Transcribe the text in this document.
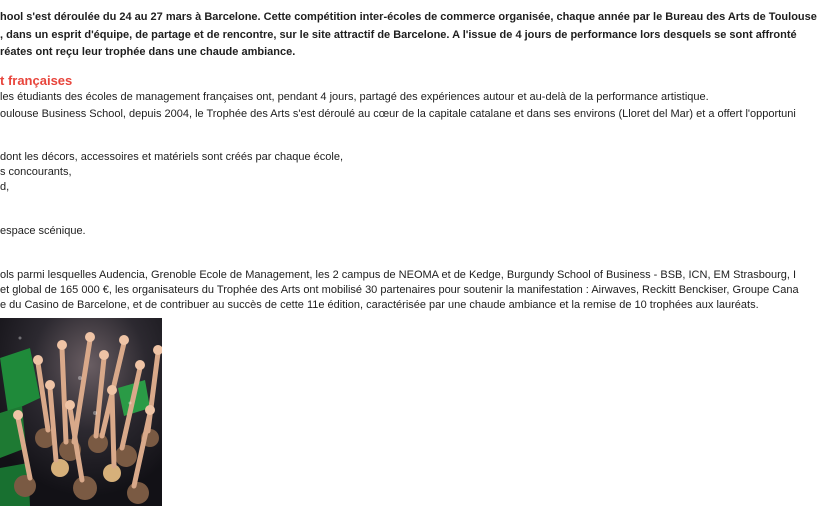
hool s'est déroulée du 24 au 27 mars à Barcelone. Cette compétition inter-écoles de commerce organisée, chaque année par le Bureau des Arts de Toulouse
, dans un esprit d'équipe, de partage et de rencontre, sur le site attractif de Barcelone. A l'issue de 4 jours de performance lors desquels se sont affronté
réates ont reçu leur trophée dans une chaude ambiance.
t françaises
les étudiants des écoles de management françaises ont, pendant 4 jours, partagé des expériences autour et au-delà de la performance artistique.
oulouse Business School, depuis 2004, le Trophée des Arts s'est déroulé au cœur de la capitale catalane et dans ses environs (Lloret del Mar) et a offert l'opportuni
dont les décors, accessoires et matériels sont créés par chaque école,
s concourants,
d,
espace scénique.
ols parmi lesquelles Audencia, Grenoble Ecole de Management, les 2 campus de NEOMA et de Kedge, Burgundy School of Business - BSB, ICN, EM Strasbourg, I
et global de 165 000 €, les organisateurs du Trophée des Arts ont mobilisé 30 partenaires pour soutenir la manifestation : Airwaves, Reckitt Benckiser, Groupe Cana
e du Casino de Barcelone, et de contribuer au succès de cette 11e édition, caractérisée par une chaude ambiance et la remise de 10 trophées aux lauréats.
